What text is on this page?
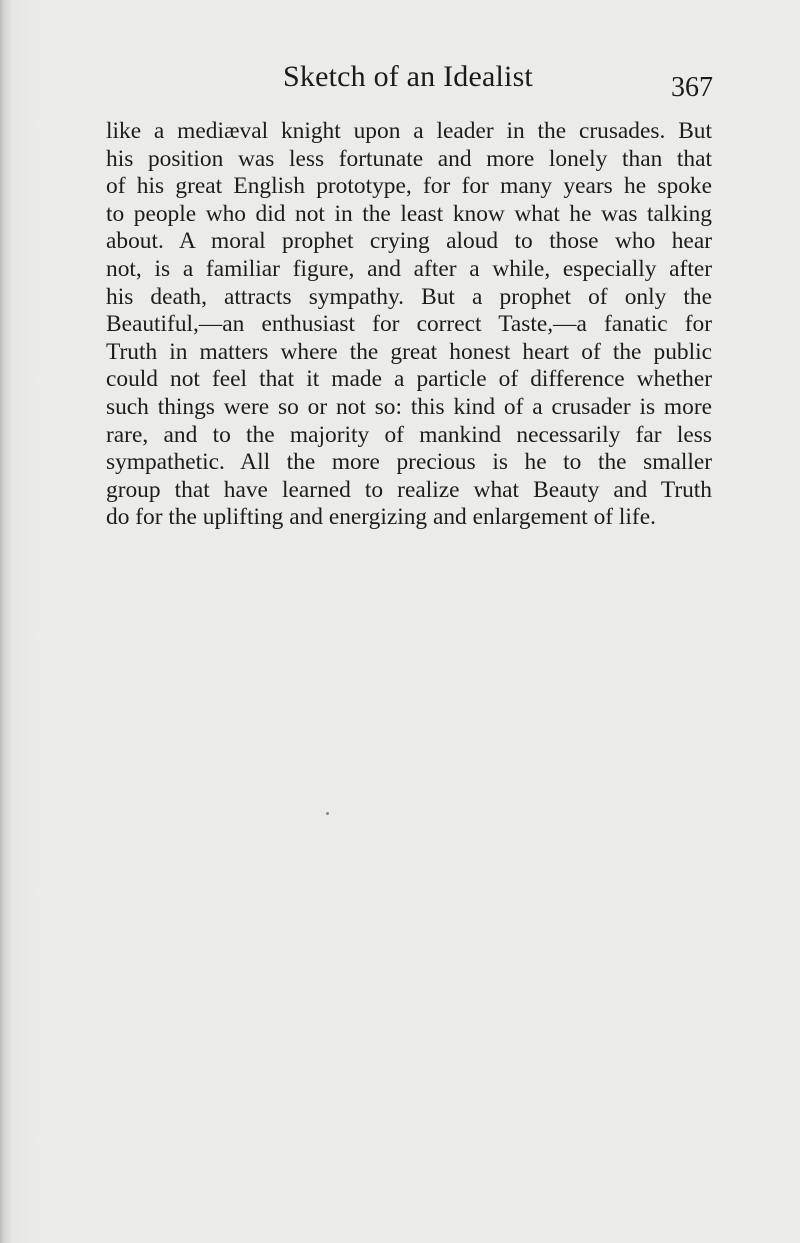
Sketch of an Idealist	367
like a mediæval knight upon a leader in the crusades. But
his position was less fortunate and more lonely than that
of his great English prototype, for for many years he spoke
to people who did not in the least know what he was talking
about. A moral prophet crying aloud to those who hear
not, is a familiar figure, and after a while, especially after
his death, attracts sympathy. But a prophet of only the
Beautiful,—an enthusiast for correct Taste,—a fanatic for
Truth in matters where the great honest heart of the public
could not feel that it made a particle of difference whether
such things were so or not so: this kind of a crusader is more
rare, and to the majority of mankind necessarily far less
sympathetic. All the more precious is he to the smaller
group that have learned to realize what Beauty and Truth
do for the uplifting and energizing and enlargement of life.
